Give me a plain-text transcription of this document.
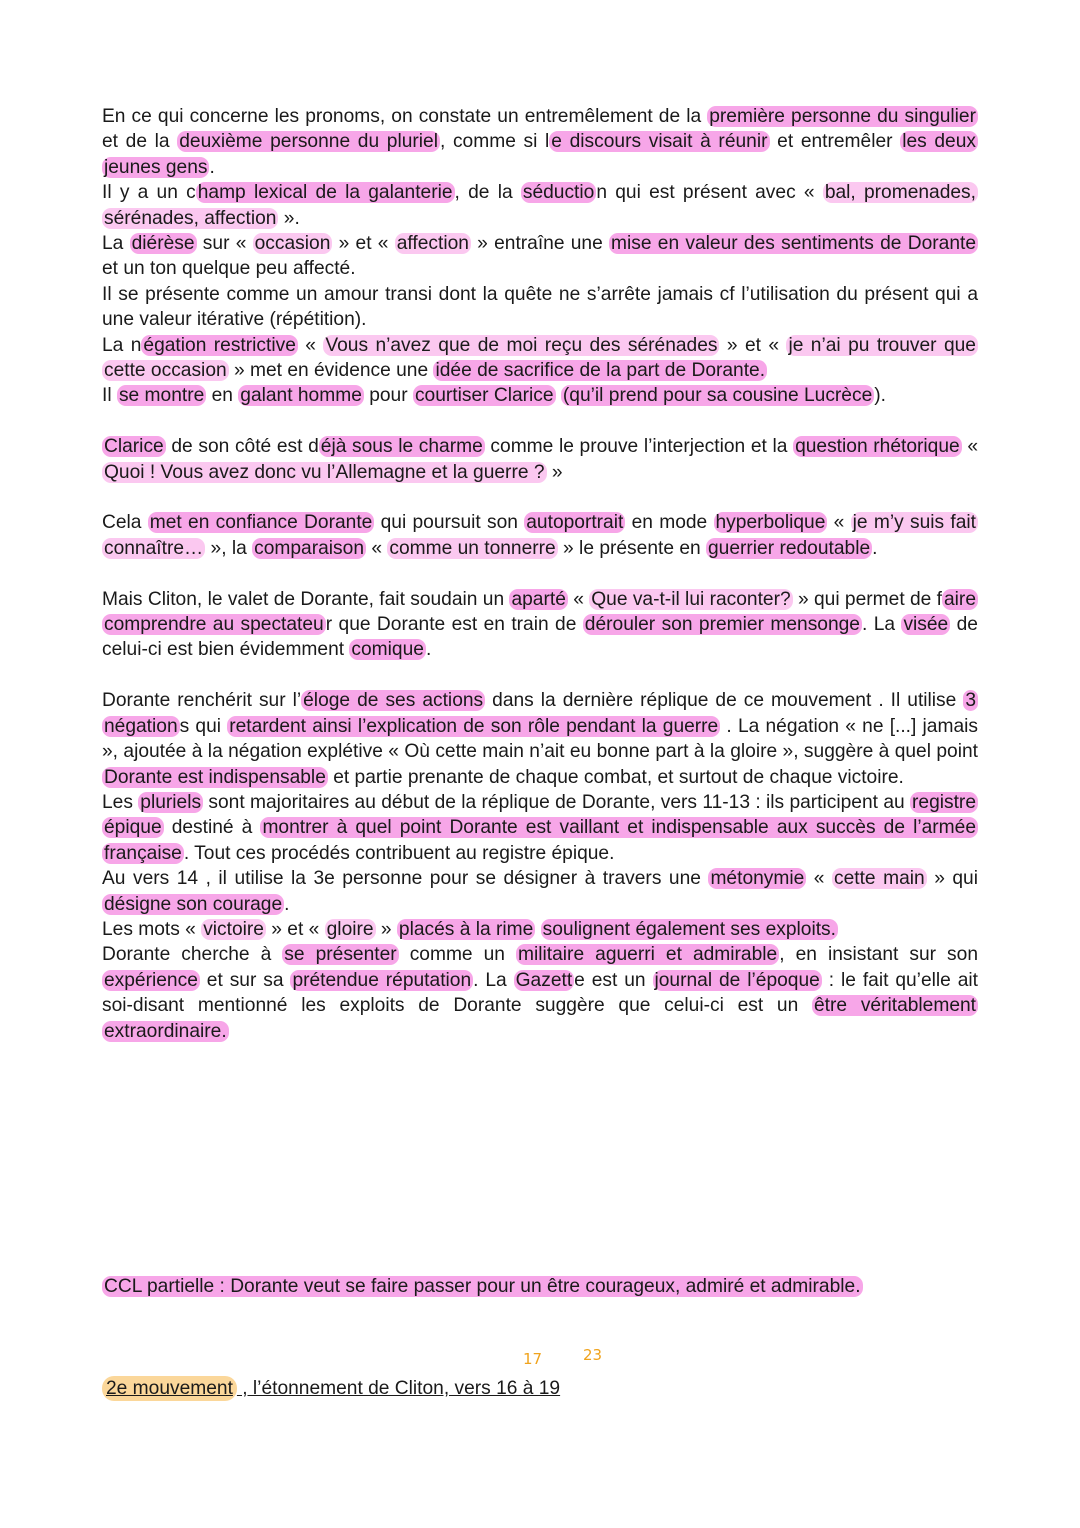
En ce qui concerne les pronoms, on constate un entremêlement de la première personne du singulier et de la deuxième personne du pluriel , comme si l e discours visait à réunir et entremêler les deux jeunes gens .

Il y a un c hamp lexical de la galanterie , de la séductio n qui est présent avec « bal, promenades, sérénades, affection ».

La diérèse sur « occasion » et « affection » entraîne une mise en valeur des sentiments de Dorante et un ton quelque peu affecté.

Il se présente comme un amour transi dont la quête ne s’arrête jamais cf l’utilisation du présent qui a une valeur itérative (répétition).

La n égation restrictive « Vous n’avez que de moi reçu des sérénades » et « je n’ai pu trouver que cette occasion » met en évidence une idée de sacrifice de la part de Dorante.

Il se montre en galant homme pour courtiser Clarice (qu’il prend pour sa cousine Lucrèce ).

Clarice de son côté est d éjà sous le charme comme le prouve l’interjection et la question rhétorique « Quoi ! Vous avez donc vu l’Allemagne et la guerre ? »

Cela met en confiance Dorante qui poursuit son autoportrait en mode hyperbolique « je m’y suis fait connaître… », la comparaison « comme un tonnerre » le présente en guerrier redoutable .

Mais Cliton, le valet de Dorante, fait soudain un aparté « Que va-t-il lui raconter? » qui permet de f aire comprendre au spectateu r que Dorante est en train de dérouler son premier mensonge . La visée de celui-ci est bien évidemment comique .

Dorante renchérit sur l’ éloge de ses actions dans la dernière réplique de ce mouvement . Il utilise 3 négation s qui retardent ainsi l’explication de son rôle pendant la guerre . La négation « ne [...] jamais », ajoutée à la négation explétive « Où cette main n’ait eu bonne part à la gloire », suggère à quel point Dorante est indispensable et partie prenante de chaque combat, et surtout de chaque victoire.

Les pluriels sont majoritaires au début de la réplique de Dorante, vers 11-13 : ils participent au registre épique destiné à montrer à quel point Dorante est vaillant et indispensable aux succès de l’armée française . Tout ces procédés contribuent au registre épique.

Au vers 14 , il utilise la 3e personne pour se désigner à travers une métonymie « cette main » qui désigne son courage .

Les mots « victoire » et « gloire » placés à la rime soulignent également ses exploits.

Dorante cherche à se présenter comme un militaire aguerri et admirable , en insistant sur son expérience et sur sa prétendue réputation . La Gazett e est un journal de l’époque : le fait qu’elle ait soi-disant mentionné les exploits de Dorante suggère que celui-ci est un être véritablement extraordinaire.

CCL partielle : Dorante veut se faire passer pour un être courageux, admiré et admirable.
17	23
2e mouvement , l’étonnement de Cliton, vers 16 à 19
